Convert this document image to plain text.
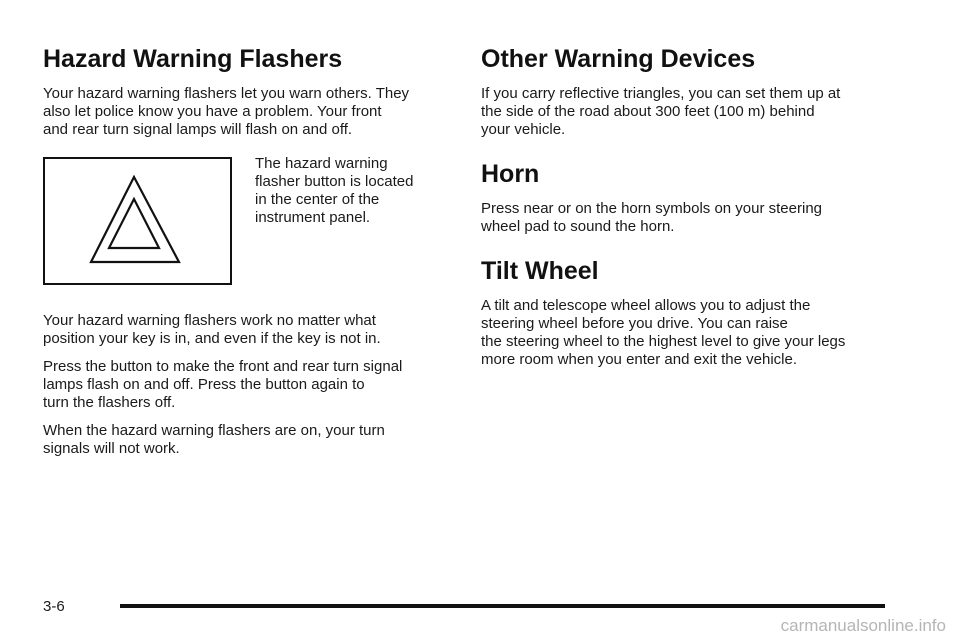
Hazard Warning Flashers

Your hazard warning flashers let you warn others. They
also let police know you have a problem. Your front
and rear turn signal lamps will flash on and off.

The hazard warning
flasher button is located
in the center of the
instrument panel.

Your hazard warning flashers work no matter what
position your key is in, and even if the key is not in.

Press the button to make the front and rear turn signal
lamps flash on and off. Press the button again to
turn the flashers off.

When the hazard warning flashers are on, your turn
signals will not work.

Other Warning Devices

If you carry reflective triangles, you can set them up at
the side of the road about 300 feet (100 m) behind
your vehicle.

Horn

Press near or on the horn symbols on your steering
wheel pad to sound the horn.

Tilt Wheel

A tilt and telescope wheel allows you to adjust the
steering wheel before you drive. You can raise
the steering wheel to the highest level to give your legs
more room when you enter and exit the vehicle.

3-6
carmanualsonline.info
